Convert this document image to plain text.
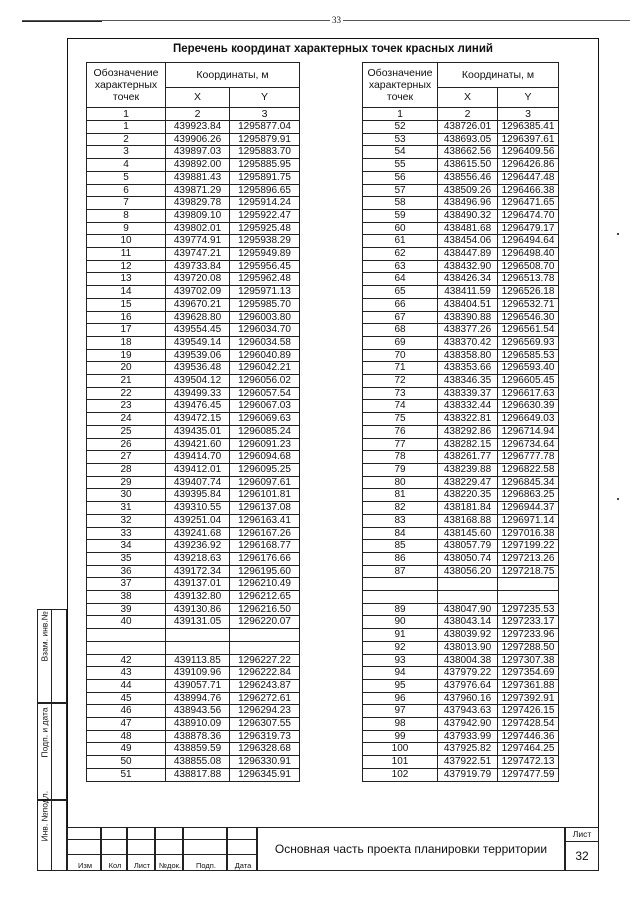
33
Перечень координат характерных точек красных линий
Обозначение характерных точек	Координаты, м	
	X	Y
1	2	3
1	439923.84	1295877.04
2	439906.26	1295879.91
3	439897.03	1295883.70
4	439892.00	1295885.95
5	439881.43	1295891.75
6	439871.29	1295896.65
7	439829.78	1295914.24
8	439809.10	1295922.47
9	439802.01	1295925.48
10	439774.91	1295938.29
11	439747.21	1295949.89
12	439733.84	1295956.45
13	439720.08	1295962.48
14	439702.09	1295971.13
15	439670.21	1295985.70
16	439628.80	1296003.80
17	439554.45	1296034.70
18	439549.14	1296034.58
19	439539.06	1296040.89
20	439536.48	1296042.21
21	439504.12	1296056.02
22	439499.33	1296057.54
23	439476.45	1296067.03
24	439472.15	1296069.63
25	439435.01	1296085.24
26	439421.60	1296091.23
27	439414.70	1296094.68
28	439412.01	1296095.25
29	439407.74	1296097.61
30	439395.84	1296101.81
31	439310.55	1296137.08
32	439251.04	1296163.41
33	439241.68	1296167.26
34	439236.92	1296168.77
35	439218.63	1296176.66
36	439172.34	1296195.60
37	439137.01	1296210.49
38	439132.80	1296212.65
39	439130.86	1296216.50
40	439131.05	1296220.07

42	439113.85	1296227.22
43	439109.96	1296222.84
44	439057.71	1296243.87
45	438994.76	1296272.61
46	438943.56	1296294.23
47	438910.09	1296307.55
48	438878.36	1296319.73
49	438859.59	1296328.68
50	438855.08	1296330.91
51	438817.88	1296345.91
Обозначение характерных точек	Координаты, м	
	X	Y
1	2	3
52	438726.01	1296385.41
53	438693.05	1296397.61
54	438662.56	1296409.56
55	438615.50	1296426.86
56	438556.46	1296447.48
57	438509.26	1296466.38
58	438496.96	1296471.65
59	438490.32	1296474.70
60	438481.68	1296479.17
61	438454.06	1296494.64
62	438447.89	1296498.40
63	438432.90	1296508.70
64	438426.34	1296513.78
65	438411.59	1296526.18
66	438404.51	1296532.71
67	438390.88	1296546.30
68	438377.26	1296561.54
69	438370.42	1296569.93
70	438358.80	1296585.53
71	438353.66	1296593.40
72	438346.35	1296605.45
73	438339.37	1296617.63
74	438332.44	1296630.39
75	438322.81	1296649.03
76	438292.86	1296714.94
77	438282.15	1296734.64
78	438261.77	1296777.78
79	438239.88	1296822.58
80	438229.47	1296845.34
81	438220.35	1296863.25
82	438181.84	1296944.37
83	438168.88	1296971.14
84	438145.60	1297016.38
85	438057.79	1297199.22
86	438050.74	1297213.26
87	438056.20	1297218.75

89	438047.90	1297235.53
90	438043.14	1297233.17
91	438039.92	1297233.96
92	438013.90	1297288.50
93	438004.38	1297307.38
94	437979.22	1297354.69
95	437976.64	1297361.88
96	437960.16	1297392.91
97	437943.63	1297426.15
98	437942.90	1297428.54
99	437933.99	1297446.36
100	437925.82	1297464.25
101	437922.51	1297472.13
102	437919.79	1297477.59
Взам. инв.№
Подп. и дата
Инв. №подл.
Изм	Кол	Лист	№док.	Подп.	Дата
Основная часть проекта планировки территории
Лист
32
